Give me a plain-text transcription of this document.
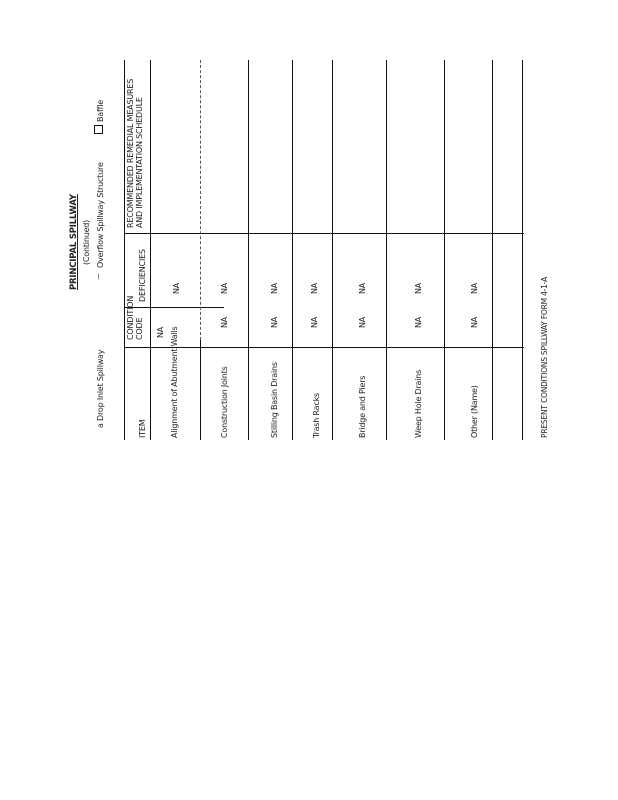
PRINCIPAL SPILLWAY (Continued)
a Drop Inlet Spillway
—
Overflow Spillway Structure
Baffle
ITEM
CONDITION CODE
DEFICIENCIES
RECOMMENDED REMEDIAL MEASURES AND IMPLEMENTATION SCHEDULE
Alignment of Abutment Walls
NA
NA
Construction Joints
NA
NA
Stilling Basin Drains
NA
NA
Trash Racks
NA
NA
Bridge and Piers
NA
NA
Weep Hole Drains
NA
NA
Other (Name)
NA
NA	PRESENT CONDITIONS SPILLWAY FORM 4-1-A
